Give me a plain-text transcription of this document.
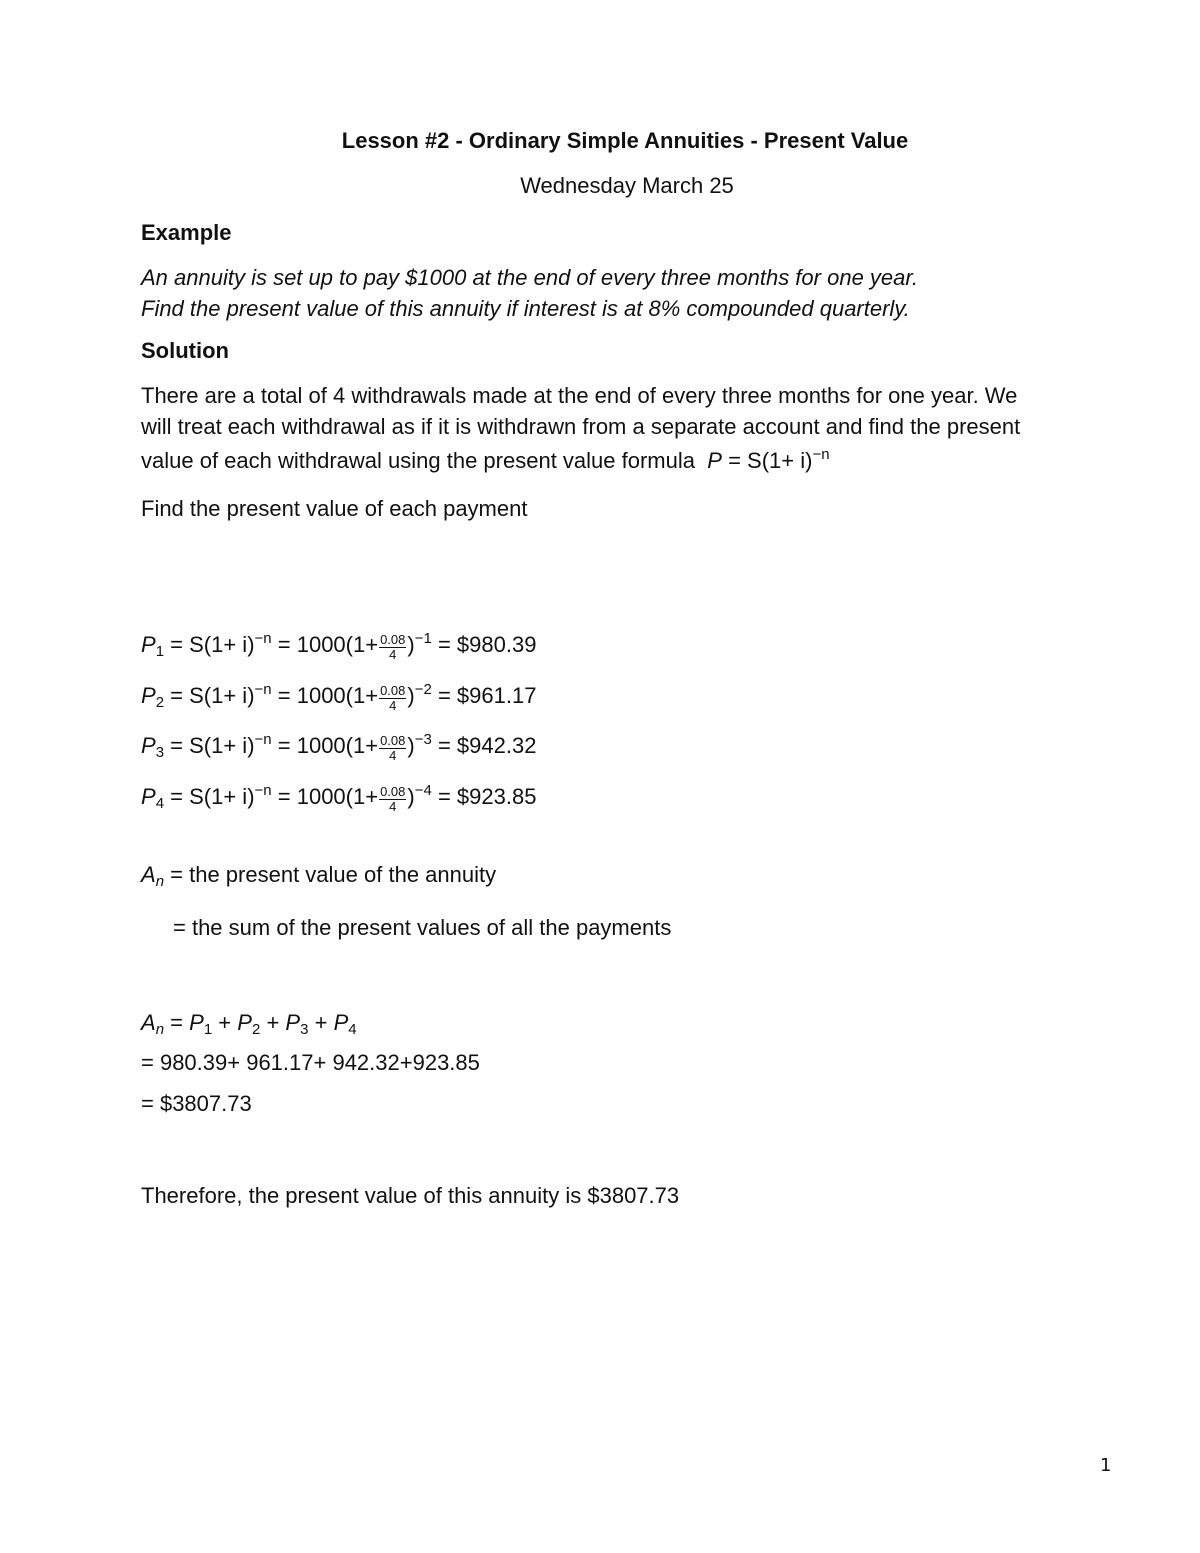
Lesson #2 - Ordinary Simple Annuities - Present Value
Wednesday March 25
Example
An annuity is set up to pay $1000 at the end of every three months for one year.
Find the present value of this annuity if interest is at 8% compounded quarterly.
Solution
There are a total of 4 withdrawals made at the end of every three months for one year. We
will treat each withdrawal as if it is withdrawn from a separate account and find the present
value of each withdrawal using the present value formula $P = S(1+ i)^{-n}$
Find the present value of each payment
$P_1 = S(1+ i)^{-n} = 1000(1+ \frac{0.08}{4} )^{-1}$ = $980.39
$P_2 = S(1+ i)^{-n} = 1000(1+ \frac{0.08}{4} )^{-2}$ = $961.17
$P_3 = S(1+ i)^{-n} = 1000(1+ \frac{0.08}{4} )^{-3}$ = $942.32
$P_4 = S(1+ i)^{-n} = 1000(1+ \frac{0.08}{4} )^{-4}$ = $923.85
$A_n$ = the present value of the annuity
= the sum of the present values of all the payments
$A_n = P_1 + P_2 + P_3 + P_4$
= 980.39+ 961.17+ 942.32+923.85
= $3807.73
Therefore, the present value of this annuity is $3807.73
1
